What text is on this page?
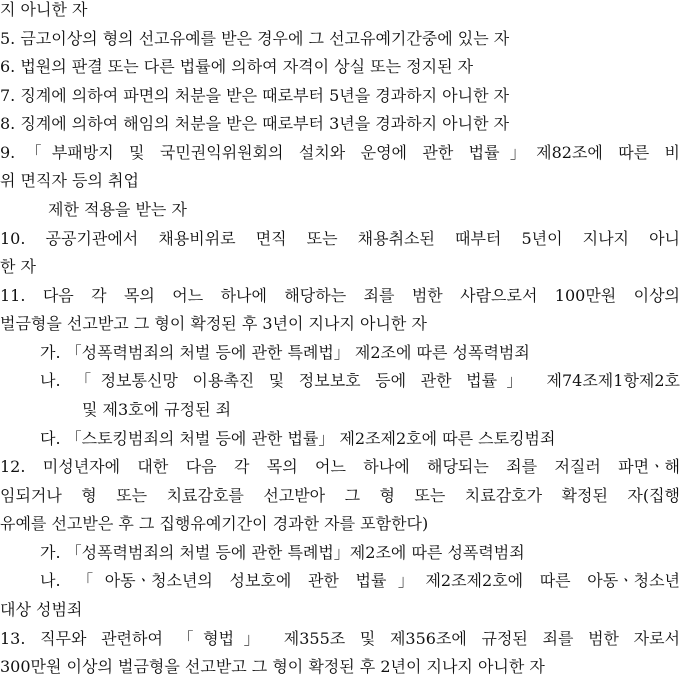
지 아니한 자
5. 금고이상의 형의 선고유예를 받은 경우에 그 선고유예기간중에 있는 자
6. 법원의 판결 또는 다른 법률에 의하여 자격이 상실 또는 정지된 자
7. 징계에 의하여 파면의 처분을 받은 때로부터 5년을 경과하지 아니한 자
8. 징계에 의하여 해임의 처분을 받은 때로부터 3년을 경과하지 아니한 자
9.「부패방지 및 국민권익위원회의 설치와 운영에 관한 법률」제82조에 따른 비
위 면직자 등의 취업
제한 적용을 받는 자
10. 공공기관에서 채용비위로 면직 또는 채용취소된 때부터 5년이 지나지 아니
한 자
11. 다음 각 목의 어느 하나에 해당하는 죄를 범한 사람으로서 100만원 이상의
벌금형을 선고받고 그 형이 확정된 후 3년이 지나지 아니한 자
가. 「성폭력범죄의 처벌 등에 관한 특례법」 제2조에 따른 성폭력범죄
나. 「정보통신망 이용촉진 및 정보보호 등에 관한 법률」 제74조제1항제2호
및 제3호에 규정된 죄
다. 「스토킹범죄의 처벌 등에 관한 법률」 제2조제2호에 따른 스토킹범죄
12. 미성년자에 대한 다음 각 목의 어느 하나에 해당되는 죄를 저질러 파면ㆍ해
임되거나 형 또는 치료감호를 선고받아 그 형 또는 치료감호가 확정된 자(집행
유예를 선고받은 후 그 집행유예기간이 경과한 자를 포함한다)
가. 「성폭력범죄의 처벌 등에 관한 특례법」제2조에 따른 성폭력범죄
나. 「아동ㆍ청소년의 성보호에 관한 법률」제2조제2호에 따른 아동ㆍ청소년
대상 성범죄
13. 직무와 관련하여 「형법」 제355조 및 제356조에 규정된 죄를 범한 자로서
300만원 이상의 벌금형을 선고받고 그 형이 확정된 후 2년이 지나지 아니한 자
